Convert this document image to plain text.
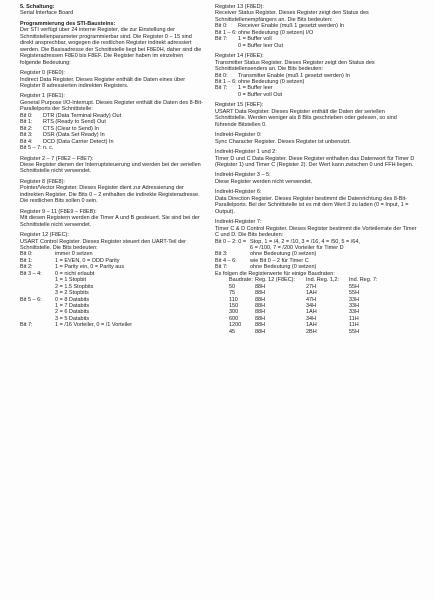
5. Schaltung:
Serial Interface Board
Programmierung des STI-Bausteins:

Der STI verfügt über 24 interne Register, die zur Einstellung der Schnittstellenparameter programmierbar sind. Die Register 0 – 15 sind direkt ansprechbar, wogegen die restlichen Register indirekt adressiert werden. Die Basisadresse der Schnittstelle liegt bei F8E0H, daher sind die Registeradressen F8E0 bis F8EF. Die Register haben im einzelnen folgende Bedeutung:

Register 0 (F8E0):

Indirect Data Register. Dieses Register enthält die Daten eines über Register 8 adressierten indirekten Registers.

Register 1 (F8E1):

General Purpose I/O-Interrupt. Dieses Register enthält die Daten des 8-Bit-Parallelports der Schnittstelle:

Bit 0:	DTR (Data Terminal Ready) Out
Bit 1:	RTS (Ready to Send) Out
Bit 2:	CTS (Clear to Send) In
Bit 3:	DSR (Data Set Ready) In
Bit 4:	DCD (Data Carrier Detect) In
Bit 5 – 7: n. c.
Register 2 – 7 (F8E2 – F8E7):

Diese Register dienen der Interruptsteuerung und werden bei der seriellen Schnittstelle nicht verwendet.

Register 8 (F8E8):

Pointer/Vector Register. Dieses Register dient zur Adressierung der indirekten Register. Die Bits 0 – 2 enthalten die indirekte Registeradresse. Die restlichen Bits sollen 0 sein.

Register 9 – 11 (F8E9 – F8EB):

Mit diesen Registern werden die Timer A und B gesteuert. Sie sind bei der Schnittstelle nicht verwendet.

Register 12 (F8EC):

USART Control Register. Dieses Register steuert den UART-Teil der Schnittstelle. Die Bits bedeuten:

Bit 0:	immer 0 setzen
Bit 1:	1 = EVEN, 0 = ODD Parity
Bit 2:	1 = Parity ein, 0 = Parity aus
Bit 3 – 4:	0 = nicht erlaubt
1 = 1 Stopbit
2 = 1.5 Stopbits
3 = 2 Stopbits
Bit 5 – 6:	0 = 8 Databits
1 = 7 Databits
2 = 6 Databits
3 = 5 Databits
Bit 7:	1 = /16 Vorteiler, 0 = /1 Vorteiler
Register 13 (F8ED):

Receiver Status Register. Dieses Register zeigt den Status des Schnittstellenempfängers an. Die Bits bedeuten:

Bit 0:	Receiver Enable (muß 1 gesetzt werden) In
Bit 1 – 6: ohne Bedeutung (0 setzen) I/O
Bit 7:	1 = Buffer voll
0 = Buffer leer Out
Register 14 (F8EE):

Transmitter Status Register. Dieses Register zeigt den Status des Schnittstellensenders an. Die Bits bedeuten:

Bit 0:	Transmitter Enable (muß 1 gesetzt werden) In
Bit 1 – 6: ohne Bedeutung (0 setzen)
Bit 7:	1 = Buffer leer
0 = Buffer voll Out
Register 15 (F8EF):

USART Data Register. Dieses Register enthält die Daten der seriellen Schnittstelle. Werden weniger als 8 Bits geschrieben oder gelesen, so sind führende Bitstellen 0.

Indirekt-Register 0:

Sync Character Register. Dieses Register ist unbenutzt.

Indirekt-Register 1 und 2:

Timer D und C Data Register. Diese Register enthalten das Datenwort für Timer D (Register 1) und Timer C (Register 2). Der Wert kann zwischen 0 und FFH liegen.

Indirekt-Register 3 – 5:

Diese Register werden nicht verwendet.

Indirekt-Register 6:

Data Direction Register. Dieses Register bestimmt die Datenrichtung des 8-Bit-Parallelports. Bei der Schnittstelle ist es mit dem Wert 3 zu laden (0 = Input, 1 = Output).

Indirekt-Register 7:

Timer C & D Control Register. Dieses Register bestimmt die Vorteilerrate der Timer C und D. Die Bits bedeuten:

Bit 0 – 2: 0 = Stop, 1 = /4, 2 = /10, 3 = /16, 4 = /50, 5 = /64,
6 = /100, 7 = /200 Vorteiler für Timer D
Bit 3:	ohne Bedeutung (0 setzen)
Bit 4 – 6:	wie Bit 0 – 2 für Timer C
Bit 7:	ohne Bedeutung (0 setzen)

Es folgen die Registerwerte für einige Baudraten:

Baudrate:	Reg. 12 (F8EC):	Ind. Reg. 1,2:	Ind. Reg. 7:
50	88H	27H	55H
75	88H	1AH	55H
110	88H	47H	33H
150	88H	34H	33H
300	88H	1AH	33H
600	88H	34H	11H
1200	88H	1AH	11H
45	88H	2BH	55H
